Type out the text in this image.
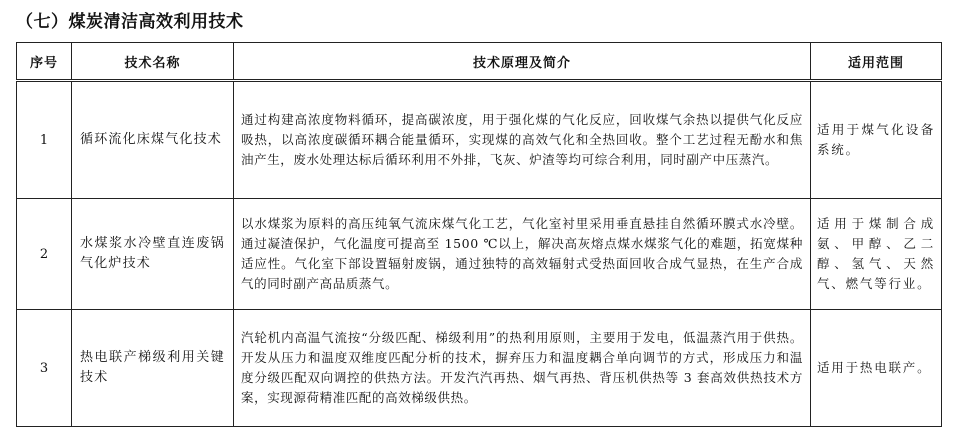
（七）煤炭清洁高效利用技术
序号	技术名称	技术原理及简介	适用范围
1	循环流化床煤气化技术	通过构建高浓度物料循环，提高碳浓度，用于强化煤的气化反应，回收煤气余热以提供气化反应吸热，以高浓度碳循环耦合能量循环，实现煤的高效气化和全热回收。整个工艺过程无酚水和焦油产生，废水处理达标后循环利用不外排，飞灰、炉渣等均可综合利用，同时副产中压蒸汽。	适用于煤气化设备系统。
2	水煤浆水冷壁直连废锅气化炉技术	以水煤浆为原料的高压纯氧气流床煤气化工艺，气化室衬里采用垂直悬挂自然循环膜式水冷壁。通过凝渣保护，气化温度可提高至 1500 ℃以上，解决高灰熔点煤水煤浆气化的难题，拓宽煤种适应性。气化室下部设置辐射废锅，通过独特的高效辐射式受热面回收合成气显热，在生产合成气的同时副产高品质蒸气。	适用于煤制合成氨、甲醇、乙二醇、氢气、天然气、燃气等行业。
3	热电联产梯级利用关键技术	汽轮机内高温气流按“分级匹配、梯级利用”的热利用原则，主要用于发电，低温蒸汽用于供热。开发从压力和温度双维度匹配分析的技术，摒弃压力和温度耦合单向调节的方式，形成压力和温度分级匹配双向调控的供热方法。开发汽汽再热、烟气再热、背压机供热等 3 套高效供热技术方案，实现源荷精准匹配的高效梯级供热。	适用于热电联产。
